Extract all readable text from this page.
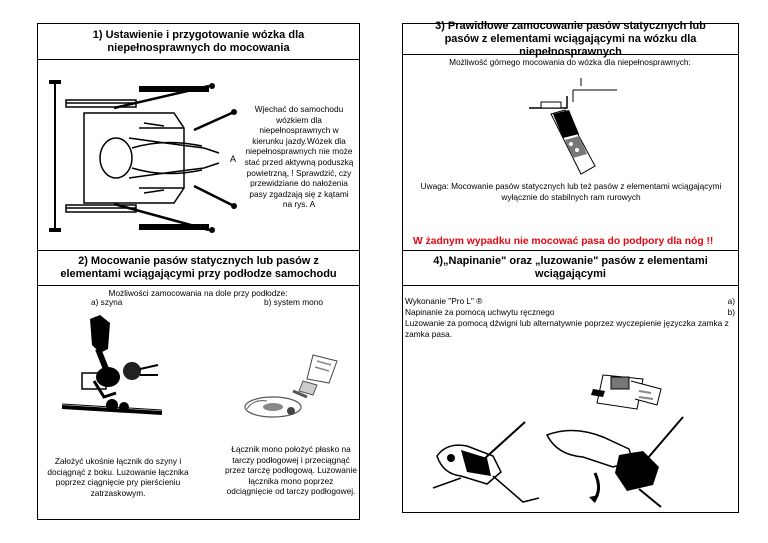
1) Ustawienie i przygotowanie wózka dla niepełnosprawnych do mocowania
A
Wjechać do samochodu wózkiem dla niepełnosprawnych w kierunku jazdy.Wózek dla niepełnosprawnych nie może stać przed aktywną poduszką powietrzną, ! Sprawdzić, czy przewidziane do nałożenia pasy zgadzają się z kątami na rys. A
2) Mocowanie pasów statycznych lub pasów z elementami wciągającymi przy podłodze samochodu
Możliwości zamocowania na dole przy podłodze:
a) szyna	b) system mono
Założyć ukośnie łącznik do szyny i dociągnąć z boku. Luzowanie łącznika poprzez ciągnięcie pry pierścieniu zatrzaskowym.
Łącznik mono położyć płasko na tarczy podłogowej i przeciągnąć przez tarczę podłogową. Luzowanie łącznika mono poprzez odciągnięcie od tarczy podłogowej.
3) Prawidłowe zamocowanie pasów statycznych lub pasów z elementami wciągającymi na wózku dla niepełnosprawnych
Możliwość górnego mocowania do wózka dla niepełnosprawnych:
Uwaga: Mocowanie pasów statycznych lub też pasów z elementami wciągającymi wyłącznie do stabilnych ram rurowych
W żadnym wypadku nie mocować pasa do podpory dla nóg !!
4)„Napinanie" oraz „luzowanie" pasów z elementami wciągającymi
Wykonanie "Pro L" ®	a)
Napinanie za pomocą uchwytu ręcznego	b)
Luzowanie za pomocą dźwigni lub alternatywnie poprzez wyczepienie języczka zamka z zamka pasa.
